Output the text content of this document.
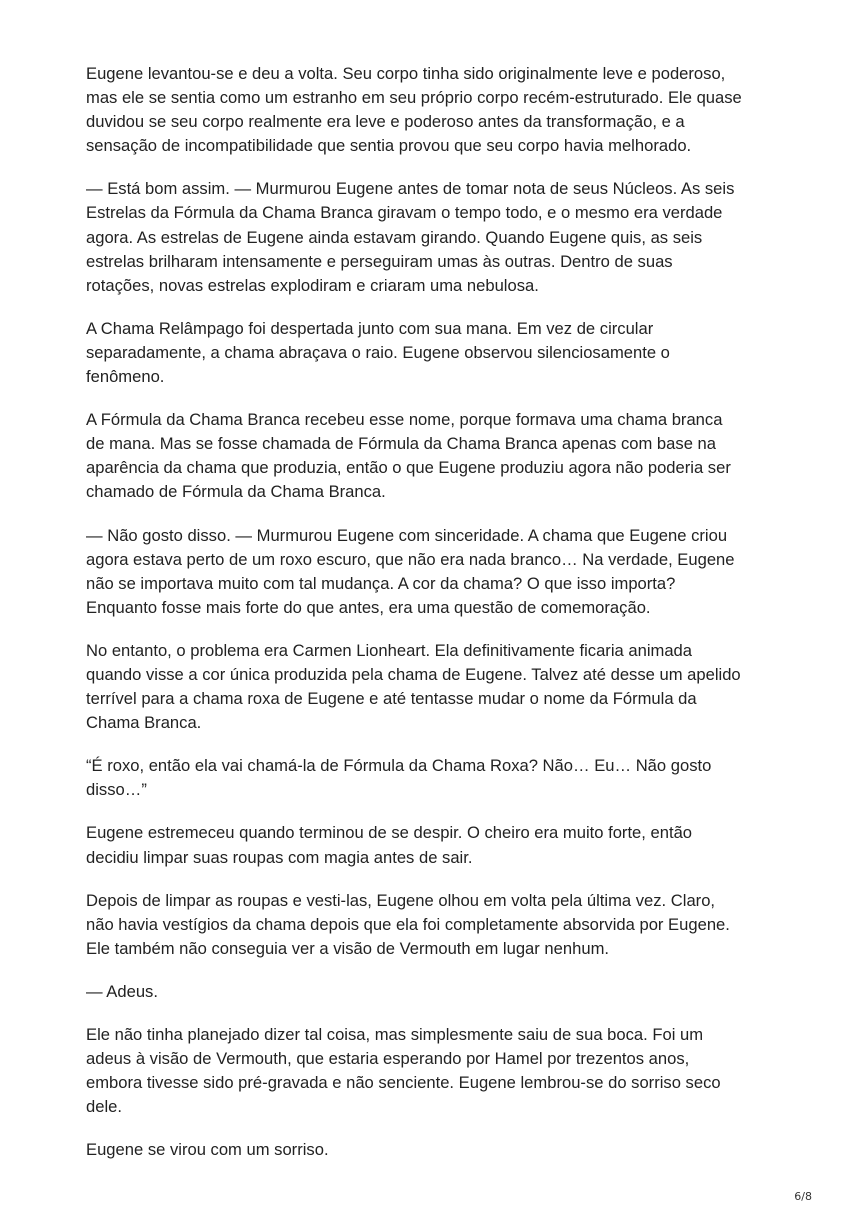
Eugene levantou-se e deu a volta. Seu corpo tinha sido originalmente leve e poderoso,
mas ele se sentia como um estranho em seu próprio corpo recém-estruturado. Ele quase
duvidou se seu corpo realmente era leve e poderoso antes da transformação, e a
sensação de incompatibilidade que sentia provou que seu corpo havia melhorado.

— Está bom assim. — Murmurou Eugene antes de tomar nota de seus Núcleos. As seis
Estrelas da Fórmula da Chama Branca giravam o tempo todo, e o mesmo era verdade
agora. As estrelas de Eugene ainda estavam girando. Quando Eugene quis, as seis
estrelas brilharam intensamente e perseguiram umas às outras. Dentro de suas
rotações, novas estrelas explodiram e criaram uma nebulosa.

A Chama Relâmpago foi despertada junto com sua mana. Em vez de circular
separadamente, a chama abraçava o raio. Eugene observou silenciosamente o
fenômeno.

A Fórmula da Chama Branca recebeu esse nome, porque formava uma chama branca
de mana. Mas se fosse chamada de Fórmula da Chama Branca apenas com base na
aparência da chama que produzia, então o que Eugene produziu agora não poderia ser
chamado de Fórmula da Chama Branca.

— Não gosto disso. — Murmurou Eugene com sinceridade. A chama que Eugene criou
agora estava perto de um roxo escuro, que não era nada branco… Na verdade, Eugene
não se importava muito com tal mudança. A cor da chama? O que isso importa?
Enquanto fosse mais forte do que antes, era uma questão de comemoração.

No entanto, o problema era Carmen Lionheart. Ela definitivamente ficaria animada
quando visse a cor única produzida pela chama de Eugene. Talvez até desse um apelido
terrível para a chama roxa de Eugene e até tentasse mudar o nome da Fórmula da
Chama Branca.

“É roxo, então ela vai chamá-la de Fórmula da Chama Roxa? Não… Eu… Não gosto
disso…”

Eugene estremeceu quando terminou de se despir. O cheiro era muito forte, então
decidiu limpar suas roupas com magia antes de sair.

Depois de limpar as roupas e vesti-las, Eugene olhou em volta pela última vez. Claro,
não havia vestígios da chama depois que ela foi completamente absorvida por Eugene.
Ele também não conseguia ver a visão de Vermouth em lugar nenhum.

— Adeus.

Ele não tinha planejado dizer tal coisa, mas simplesmente saiu de sua boca. Foi um
adeus à visão de Vermouth, que estaria esperando por Hamel por trezentos anos,
embora tivesse sido pré-gravada e não senciente. Eugene lembrou-se do sorriso seco
dele.

Eugene se virou com um sorriso.

6/8
